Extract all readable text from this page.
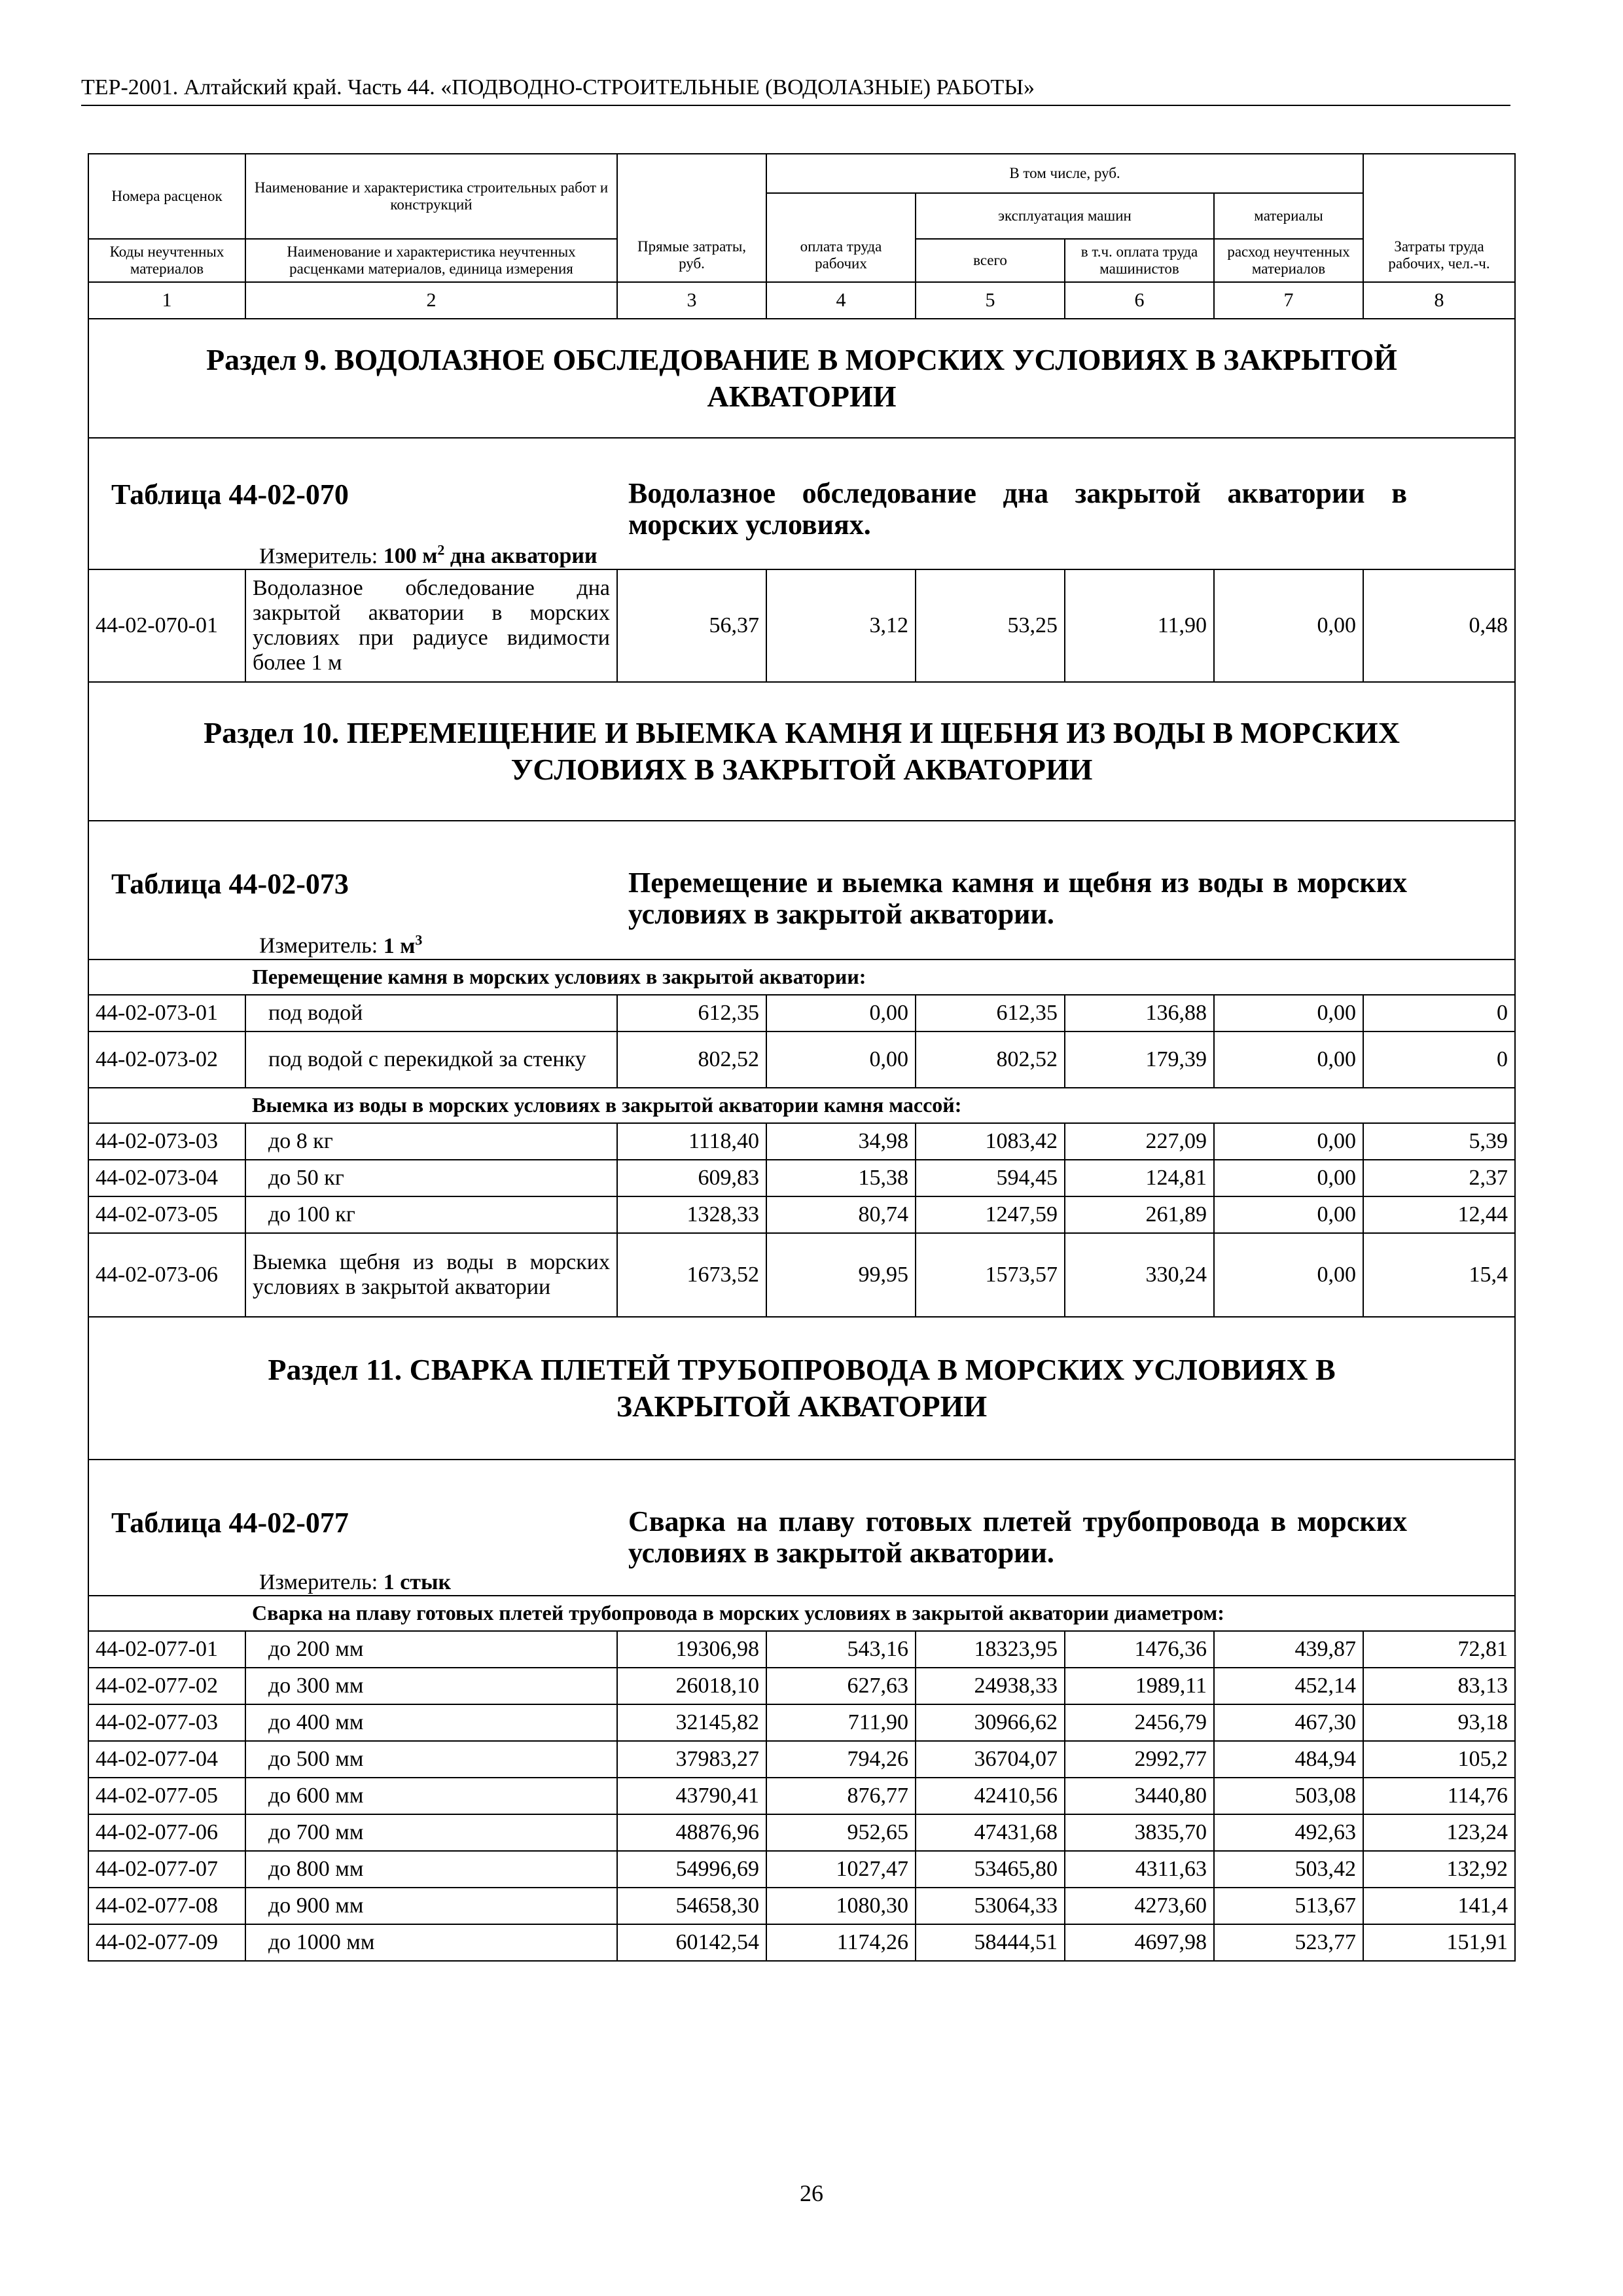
ТЕР-2001. Алтайский край. Часть 44. «ПОДВОДНО-СТРОИТЕЛЬНЫЕ (ВОДОЛАЗНЫЕ) РАБОТЫ»
Номера расценок	Наименование и характеристика строительных работ и конструкций	Прямые затраты, руб.	В том числе, руб.				Затраты труда рабочих, чел.-ч.
			оплата труда рабочих	эксплуатация машин		материалы	
Коды неучтенных материалов	Наименование и характеристика неучтенных расценками материалов, единица измерения			всего	в т.ч. оплата труда машинистов	расход неучтенных материалов	

1	2	3	4	5	6	7	8

Раздел 9. ВОДОЛАЗНОЕ ОБСЛЕДОВАНИЕ В МОРСКИХ УСЛОВИЯХ В ЗАКРЫТОЙ
АКВАТОРИИ							

Таблица 44-02-070 Водолазное обследование дна закрытой акватории в морских условиях.
Измеритель: 100 $м^2$ дна акватории							

44-02-070-01	Водолазное обследование дна закрытой акватории в морских условиях при радиусе видимости более 1 м	56,37	3,12	53,25	11,90	0,00	0,48

Раздел 10. ПЕРЕМЕЩЕНИЕ И ВЫЕМКА КАМНЯ И ЩЕБНЯ ИЗ ВОДЫ В МОРСКИХ
УСЛОВИЯХ В ЗАКРЫТОЙ АКВАТОРИИ							

Таблица 44-02-073 Перемещение и выемка камня и щебня из воды в морских условиях в закрытой акватории.
Измеритель: 1 $м^3$

	Перемещение камня в морских условиях в закрытой акватории:						
44-02-073-01	под водой	612,35	0,00	612,35	136,88	0,00	0
44-02-073-02	под водой с перекидкой за стенку	802,52	0,00	802,52	179,39	0,00	0
	Выемка из воды в морских условиях в закрытой акватории камня массой:						
44-02-073-03	до 8 кг	1118,40	34,98	1083,42	227,09	0,00	5,39
44-02-073-04	до 50 кг	609,83	15,38	594,45	124,81	0,00	2,37
44-02-073-05	до 100 кг	1328,33	80,74	1247,59	261,89	0,00	12,44
44-02-073-06	Выемка щебня из воды в морских условиях в закрытой акватории	1673,52	99,95	1573,57	330,24	0,00	15,4

Раздел 11. СВАРКА ПЛЕТЕЙ ТРУБОПРОВОДА В МОРСКИХ УСЛОВИЯХ В
ЗАКРЫТОЙ АКВАТОРИИ							

Таблица 44-02-077 Сварка на плаву готовых плетей трубопровода в морских условиях в закрытой акватории.
Измеритель: 1 стык							

	Сварка на плаву готовых плетей трубопровода в морских условиях в закрытой акватории диаметром:						
44-02-077-01	до 200 мм	19306,98	543,16	18323,95	1476,36	439,87	72,81
44-02-077-02	до 300 мм	26018,10	627,63	24938,33	1989,11	452,14	83,13
44-02-077-03	до 400 мм	32145,82	711,90	30966,62	2456,79	467,30	93,18
44-02-077-04	до 500 мм	37983,27	794,26	36704,07	2992,77	484,94	105,2
44-02-077-05	до 600 мм	43790,41	876,77	42410,56	3440,80	503,08	114,76
44-02-077-06	до 700 мм	48876,96	952,65	47431,68	3835,70	492,63	123,24
44-02-077-07	до 800 мм	54996,69	1027,47	53465,80	4311,63	503,42	132,92
44-02-077-08	до 900 мм	54658,30	1080,30	53064,33	4273,60	513,67	141,4
44-02-077-09	до 1000 мм	60142,54	1174,26	58444,51	4697,98	523,77	151,91
26
